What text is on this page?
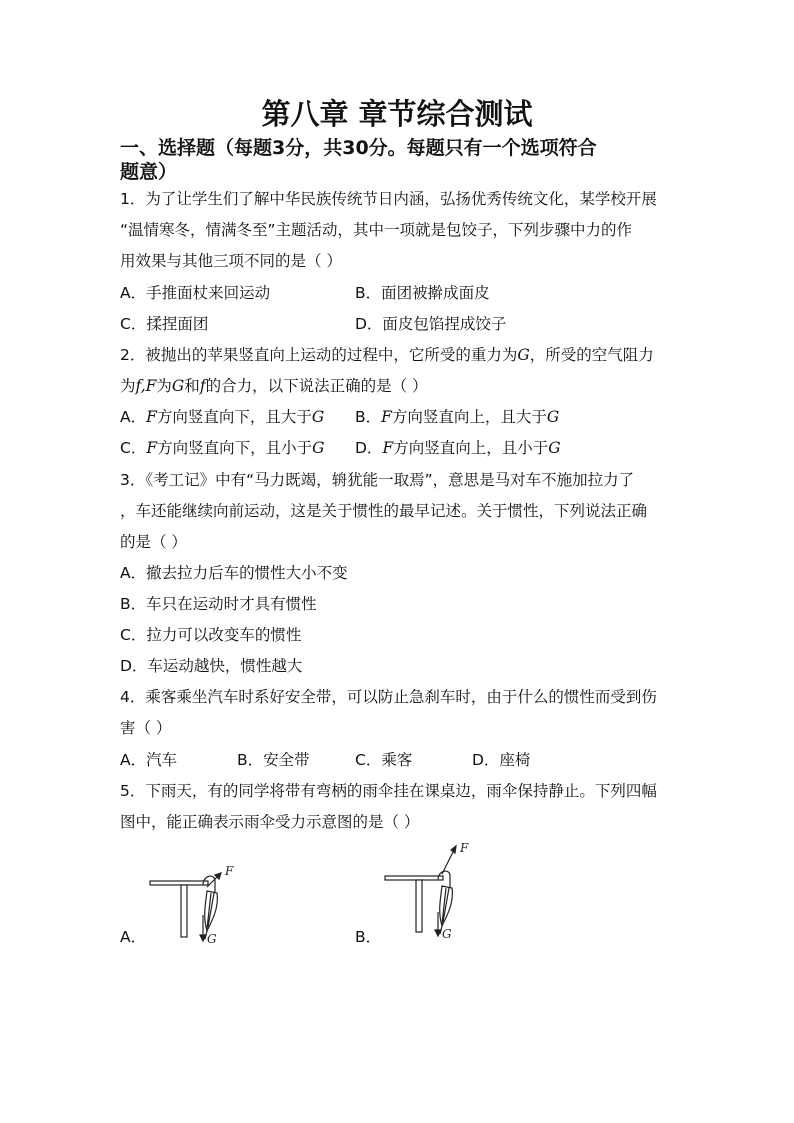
第八章 章节综合测试
一、选择题（每题3分，共30分。每题只有一个选项符合
题意）
1．为了让学生们了解中华民族传统节日内涵，弘扬优秀传统文化，某学校开展
“温情寒冬，情满冬至”主题活动，其中一项就是包饺子，下列步骤中力的作
用效果与其他三项不同的是（ ）
A．手推面杖来回运动	B．面团被擀成面皮
C．揉捏面团	D．面皮包馅捏成饺子
2．被抛出的苹果竖直向上运动的过程中，它所受的重力为G，所受的空气阻力
为f,F为G和f的合力，以下说法正确的是（ ）
A．F方向竖直向下，且大于G B．F方向竖直向上，且大于G
C．F方向竖直向下，且小于G D．F方向竖直向上，且小于G
3．《考工记》中有“马力既竭，辀犹能一取焉”，意思是马对车不施加拉力了
，车还能继续向前运动，这是关于惯性的最早记述。关于惯性，下列说法正确
的是（ ）
A．撤去拉力后车的惯性大小不变
B．车只在运动时才具有惯性
C．拉力可以改变车的惯性
D．车运动越快，惯性越大
4．乘客乘坐汽车时系好安全带，可以防止急刹车时，由于什么的惯性而受到伤
害（ ）
A．汽车	B．安全带	C．乘客	D．座椅
5．下雨天，有的同学将带有弯柄的雨伞挂在课桌边，雨伞保持静止。下列四幅
图中，能正确表示雨伞受力示意图的是（ ）
A．
F
G	B．
F
G
